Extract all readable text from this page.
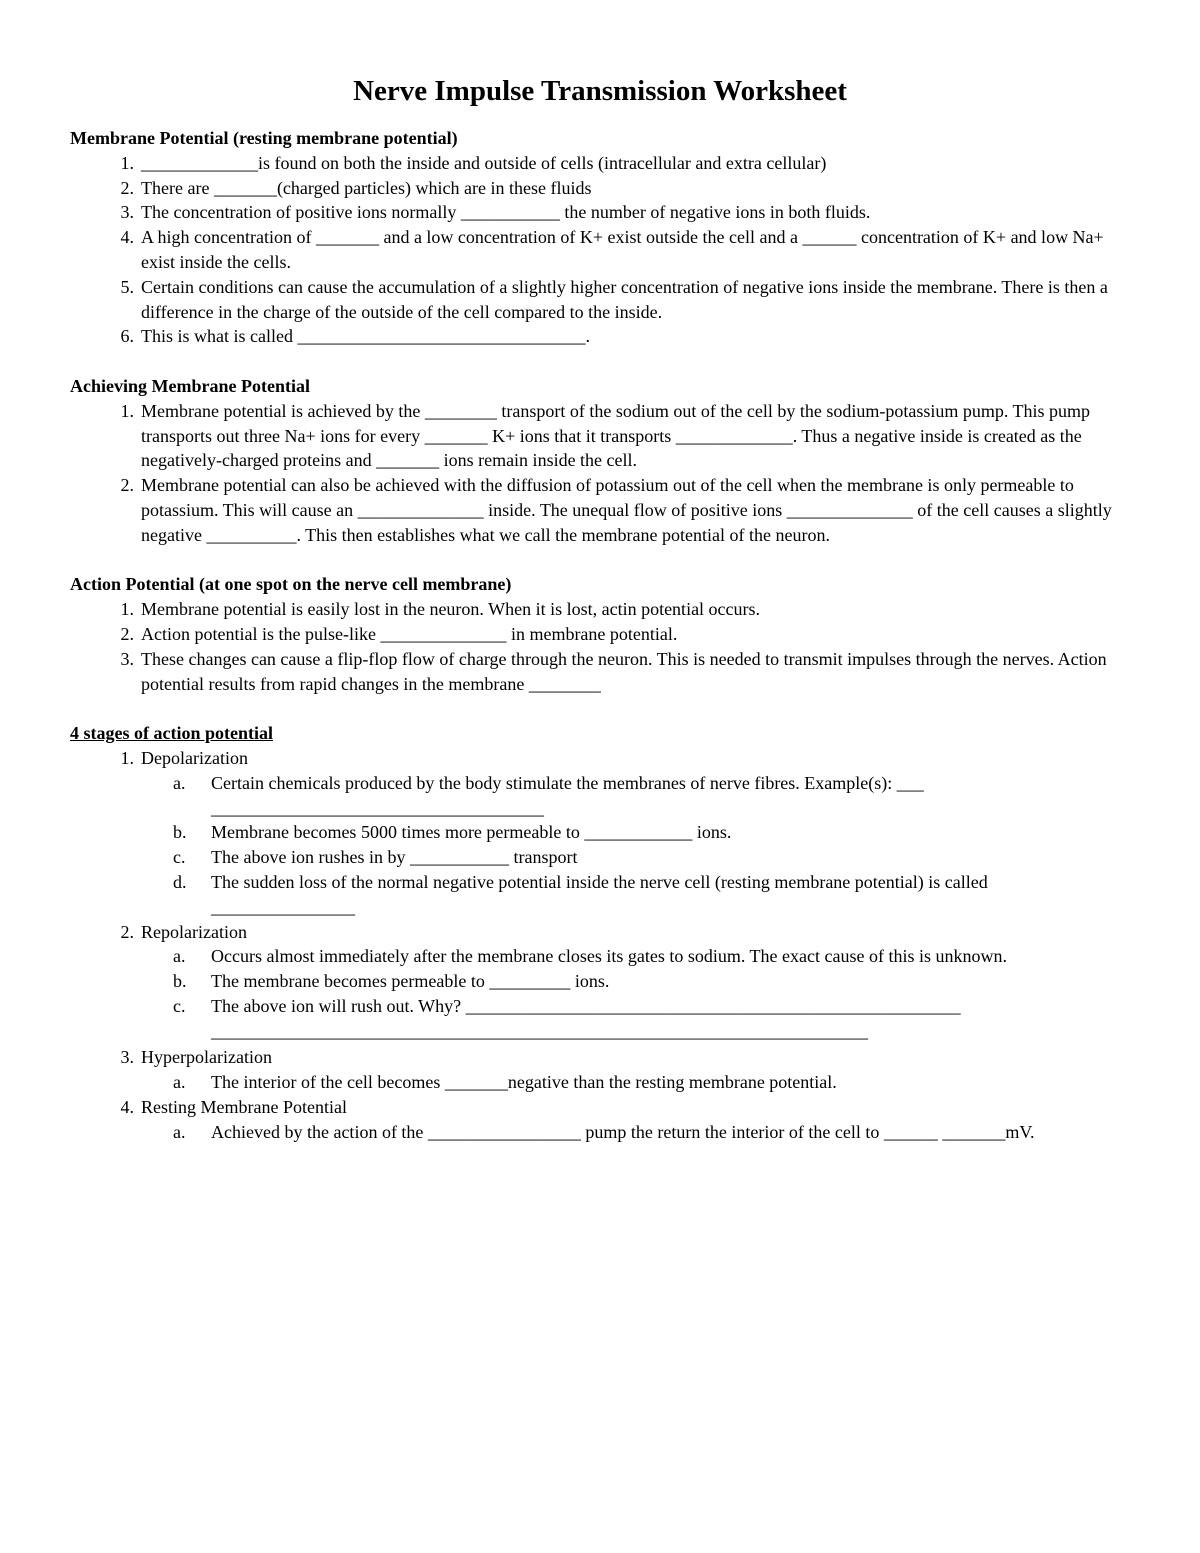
Nerve Impulse Transmission Worksheet
Membrane Potential (resting membrane potential)
1. _____________is found on both the inside and outside of cells (intracellular and extra cellular)
2. There are _______(charged particles) which are in these fluids
3. The concentration of positive ions normally ___________ the number of negative ions in both fluids.
4. A high concentration of _______ and a low concentration of K+ exist outside the cell and a ______ concentration of K+ and low Na+ exist inside the cells.
5. Certain conditions can cause the accumulation of a slightly higher concentration of negative ions inside the membrane. There is then a difference in the charge of the outside of the cell compared to the inside.
6. This is what is called ________________________________.
Achieving Membrane Potential
1. Membrane potential is achieved by the ________ transport of the sodium out of the cell by the sodium-potassium pump. This pump transports out three Na+ ions for every _______ K+ ions that it transports _____________. Thus a negative inside is created as the negatively-charged proteins and _______ ions remain inside the cell.
2. Membrane potential can also be achieved with the diffusion of potassium out of the cell when the membrane is only permeable to potassium. This will cause an ______________ inside. The unequal flow of positive ions ______________ of the cell causes a slightly negative __________. This then establishes what we call the membrane potential of the neuron.
Action Potential (at one spot on the nerve cell membrane)
1. Membrane potential is easily lost in the neuron. When it is lost, actin potential occurs.
2. Action potential is the pulse-like ______________ in membrane potential.
3. These changes can cause a flip-flop flow of charge through the neuron. This is needed to transmit impulses through the nerves. Action potential results from rapid changes in the membrane ________
4 stages of action potential
1. Depolarization
a.	Certain chemicals produced by the body stimulate the membranes of nerve fibres. Example(s): ___ _____________________________________
b.	Membrane becomes 5000 times more permeable to ____________ ions.
c.	The above ion rushes in by ___________ transport
d.	The sudden loss of the normal negative potential inside the nerve cell (resting membrane potential) is called ________________
2. Repolarization
a.	Occurs almost immediately after the membrane closes its gates to sodium. The exact cause of this is unknown.
b.	The membrane becomes permeable to _________ ions.
c.	The above ion will rush out. Why? _______________________________________________________ _________________________________________________________________________
3. Hyperpolarization
a.	The interior of the cell becomes _______negative than the resting membrane potential.
4. Resting Membrane Potential
a.	Achieved by the action of the _________________ pump the return the interior of the cell to ______ _______mV.
